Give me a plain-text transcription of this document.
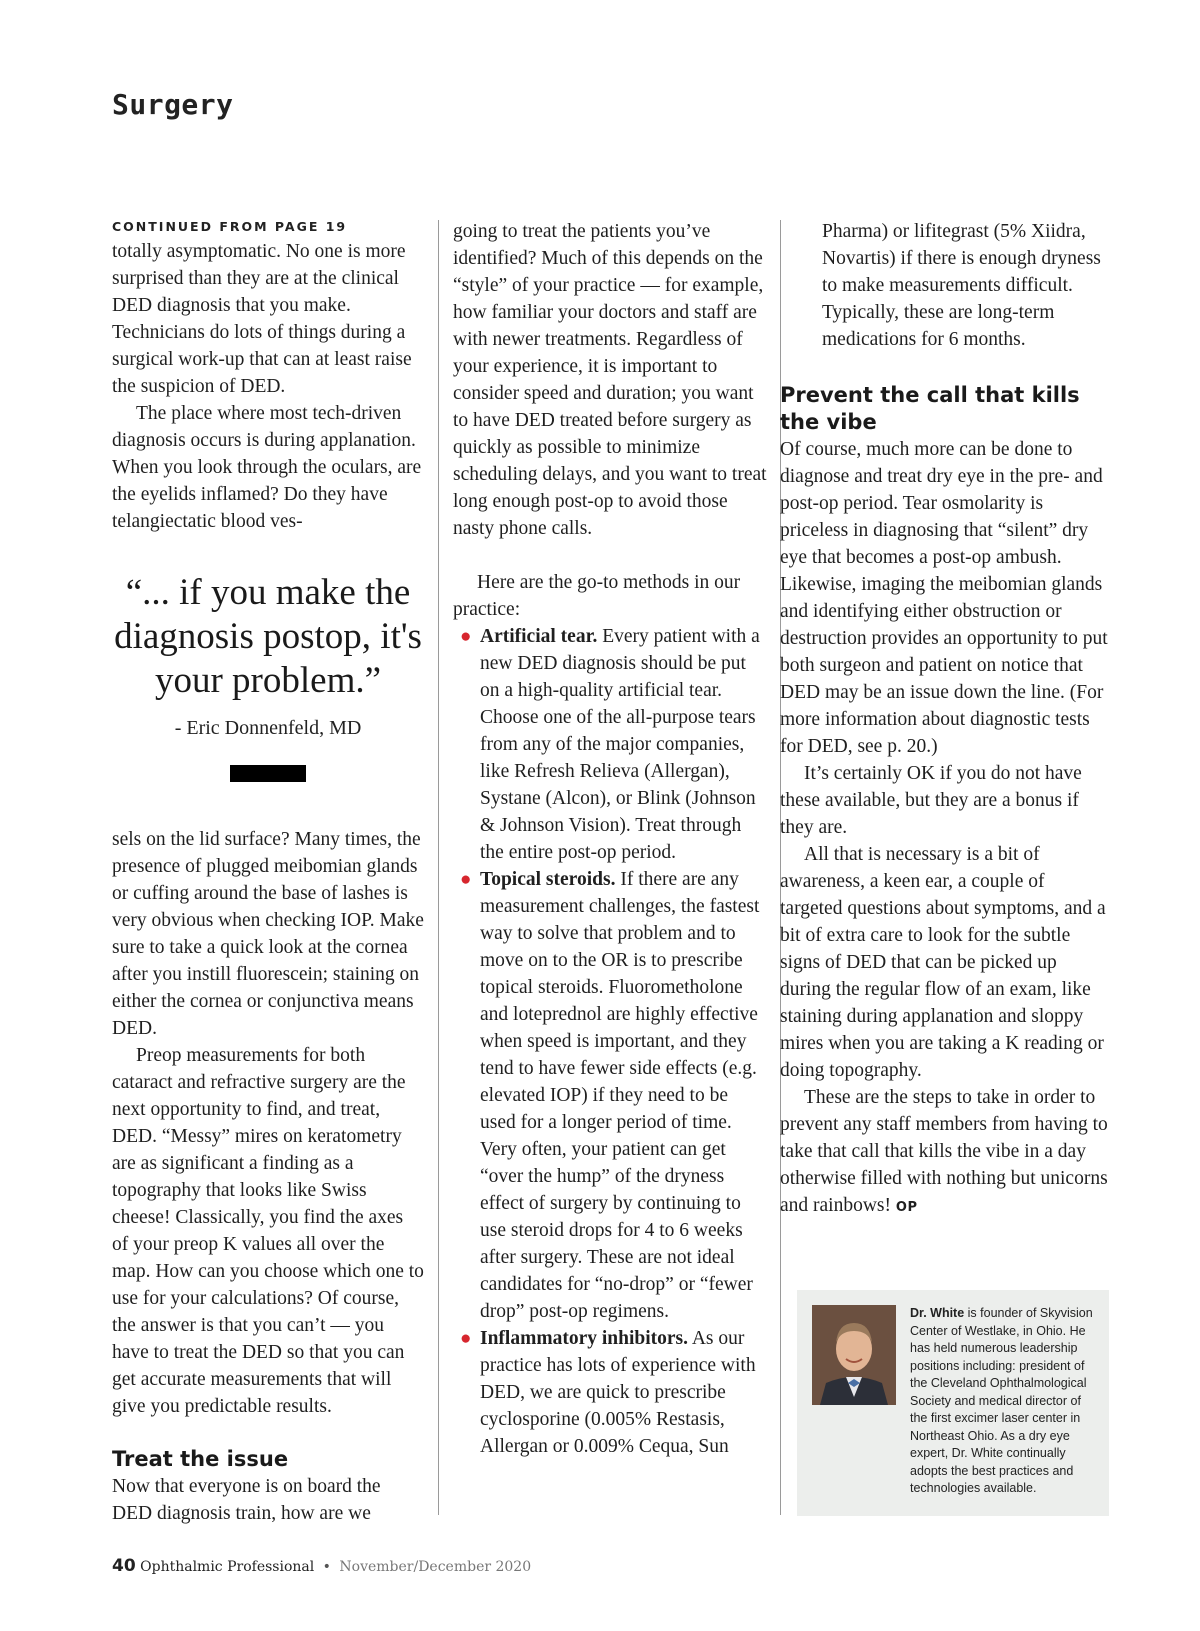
Surgery
CONTINUED FROM PAGE 19

totally asymptomatic. No one is more surprised than they are at the clinical DED diagnosis that you make. Technicians do lots of things during a surgical work-up that can at least raise the suspicion of DED.

The place where most tech-driven diagnosis occurs is during applanation. When you look through the oculars, are the eyelids inflamed? Do they have telangiectatic blood ves-

“... if you make the diagnosis postop, it's your problem.”
- Eric Donnenfeld, MD

sels on the lid surface? Many times, the presence of plugged meibomian glands or cuffing around the base of lashes is very obvious when checking IOP. Make sure to take a quick look at the cornea after you instill fluorescein; staining on either the cornea or conjunctiva means DED.

Preop measurements for both cataract and refractive surgery are the next opportunity to find, and treat, DED. “Messy” mires on keratometry are as significant a finding as a topography that looks like Swiss cheese! Classically, you find the axes of your preop K values all over the map. How can you choose which one to use for your calculations? Of course, the answer is that you can’t — you have to treat the DED so that you can get accurate measurements that will give you predictable results.

Treat the issue

Now that everyone is on board the DED diagnosis train, how are we

going to treat the patients you’ve identified? Much of this depends on the “style” of your practice — for example, how familiar your doctors and staff are with newer treatments. Regardless of your experience, it is important to consider speed and duration; you want to have DED treated before surgery as quickly as possible to minimize scheduling delays, and you want to treat long enough post-op to avoid those nasty phone calls.

Here are the go-to methods in our practice:

● Artificial tear. Every patient with a new DED diagnosis should be put on a high-quality artificial tear. Choose one of the all-purpose tears from any of the major companies, like Refresh Relieva (Allergan), Systane (Alcon), or Blink (Johnson & Johnson Vision). Treat through the entire post-op period.
● Topical steroids. If there are any measurement challenges, the fastest way to solve that problem and to move on to the OR is to prescribe topical steroids. Fluorometholone and loteprednol are highly effective when speed is important, and they tend to have fewer side effects (e.g. elevated IOP) if they need to be used for a longer period of time. Very often, your patient can get “over the hump” of the dryness effect of surgery by continuing to use steroid drops for 4 to 6 weeks after surgery. These are not ideal candidates for “no-drop” or “fewer drop” post-op regimens.
● Inflammatory inhibitors. As our practice has lots of experience with DED, we are quick to prescribe cyclosporine (0.005% Restasis, Allergan or 0.009% Cequa, Sun

Pharma) or lifitegrast (5% Xiidra, Novartis) if there is enough dryness to make measurements difficult. Typically, these are long-term medications for 6 months.

Prevent the call that kills the vibe

Of course, much more can be done to diagnose and treat dry eye in the pre- and post-op period. Tear osmolarity is priceless in diagnosing that “silent” dry eye that becomes a post-op ambush. Likewise, imaging the meibomian glands and identifying either obstruction or destruction provides an opportunity to put both surgeon and patient on notice that DED may be an issue down the line. (For more information about diagnostic tests for DED, see p. 20.)

It’s certainly OK if you do not have these available, but they are a bonus if they are.

All that is necessary is a bit of awareness, a keen ear, a couple of targeted questions about symptoms, and a bit of extra care to look for the subtle signs of DED that can be picked up during the regular flow of an exam, like staining during applanation and sloppy mires when you are taking a K reading or doing topography.

These are the steps to take in order to prevent any staff members from having to take that call that kills the vibe in a day otherwise filled with nothing but unicorns and rainbows! OP

Dr. White is founder of Skyvision Center of Westlake, in Ohio. He has held numerous leadership positions including: president of the Cleveland Ophthalmological Society and medical director of the first excimer laser center in Northeast Ohio. As a dry eye expert, Dr. White continually adopts the best practices and technologies available.
40 Ophthalmic Professional • November/December 2020
